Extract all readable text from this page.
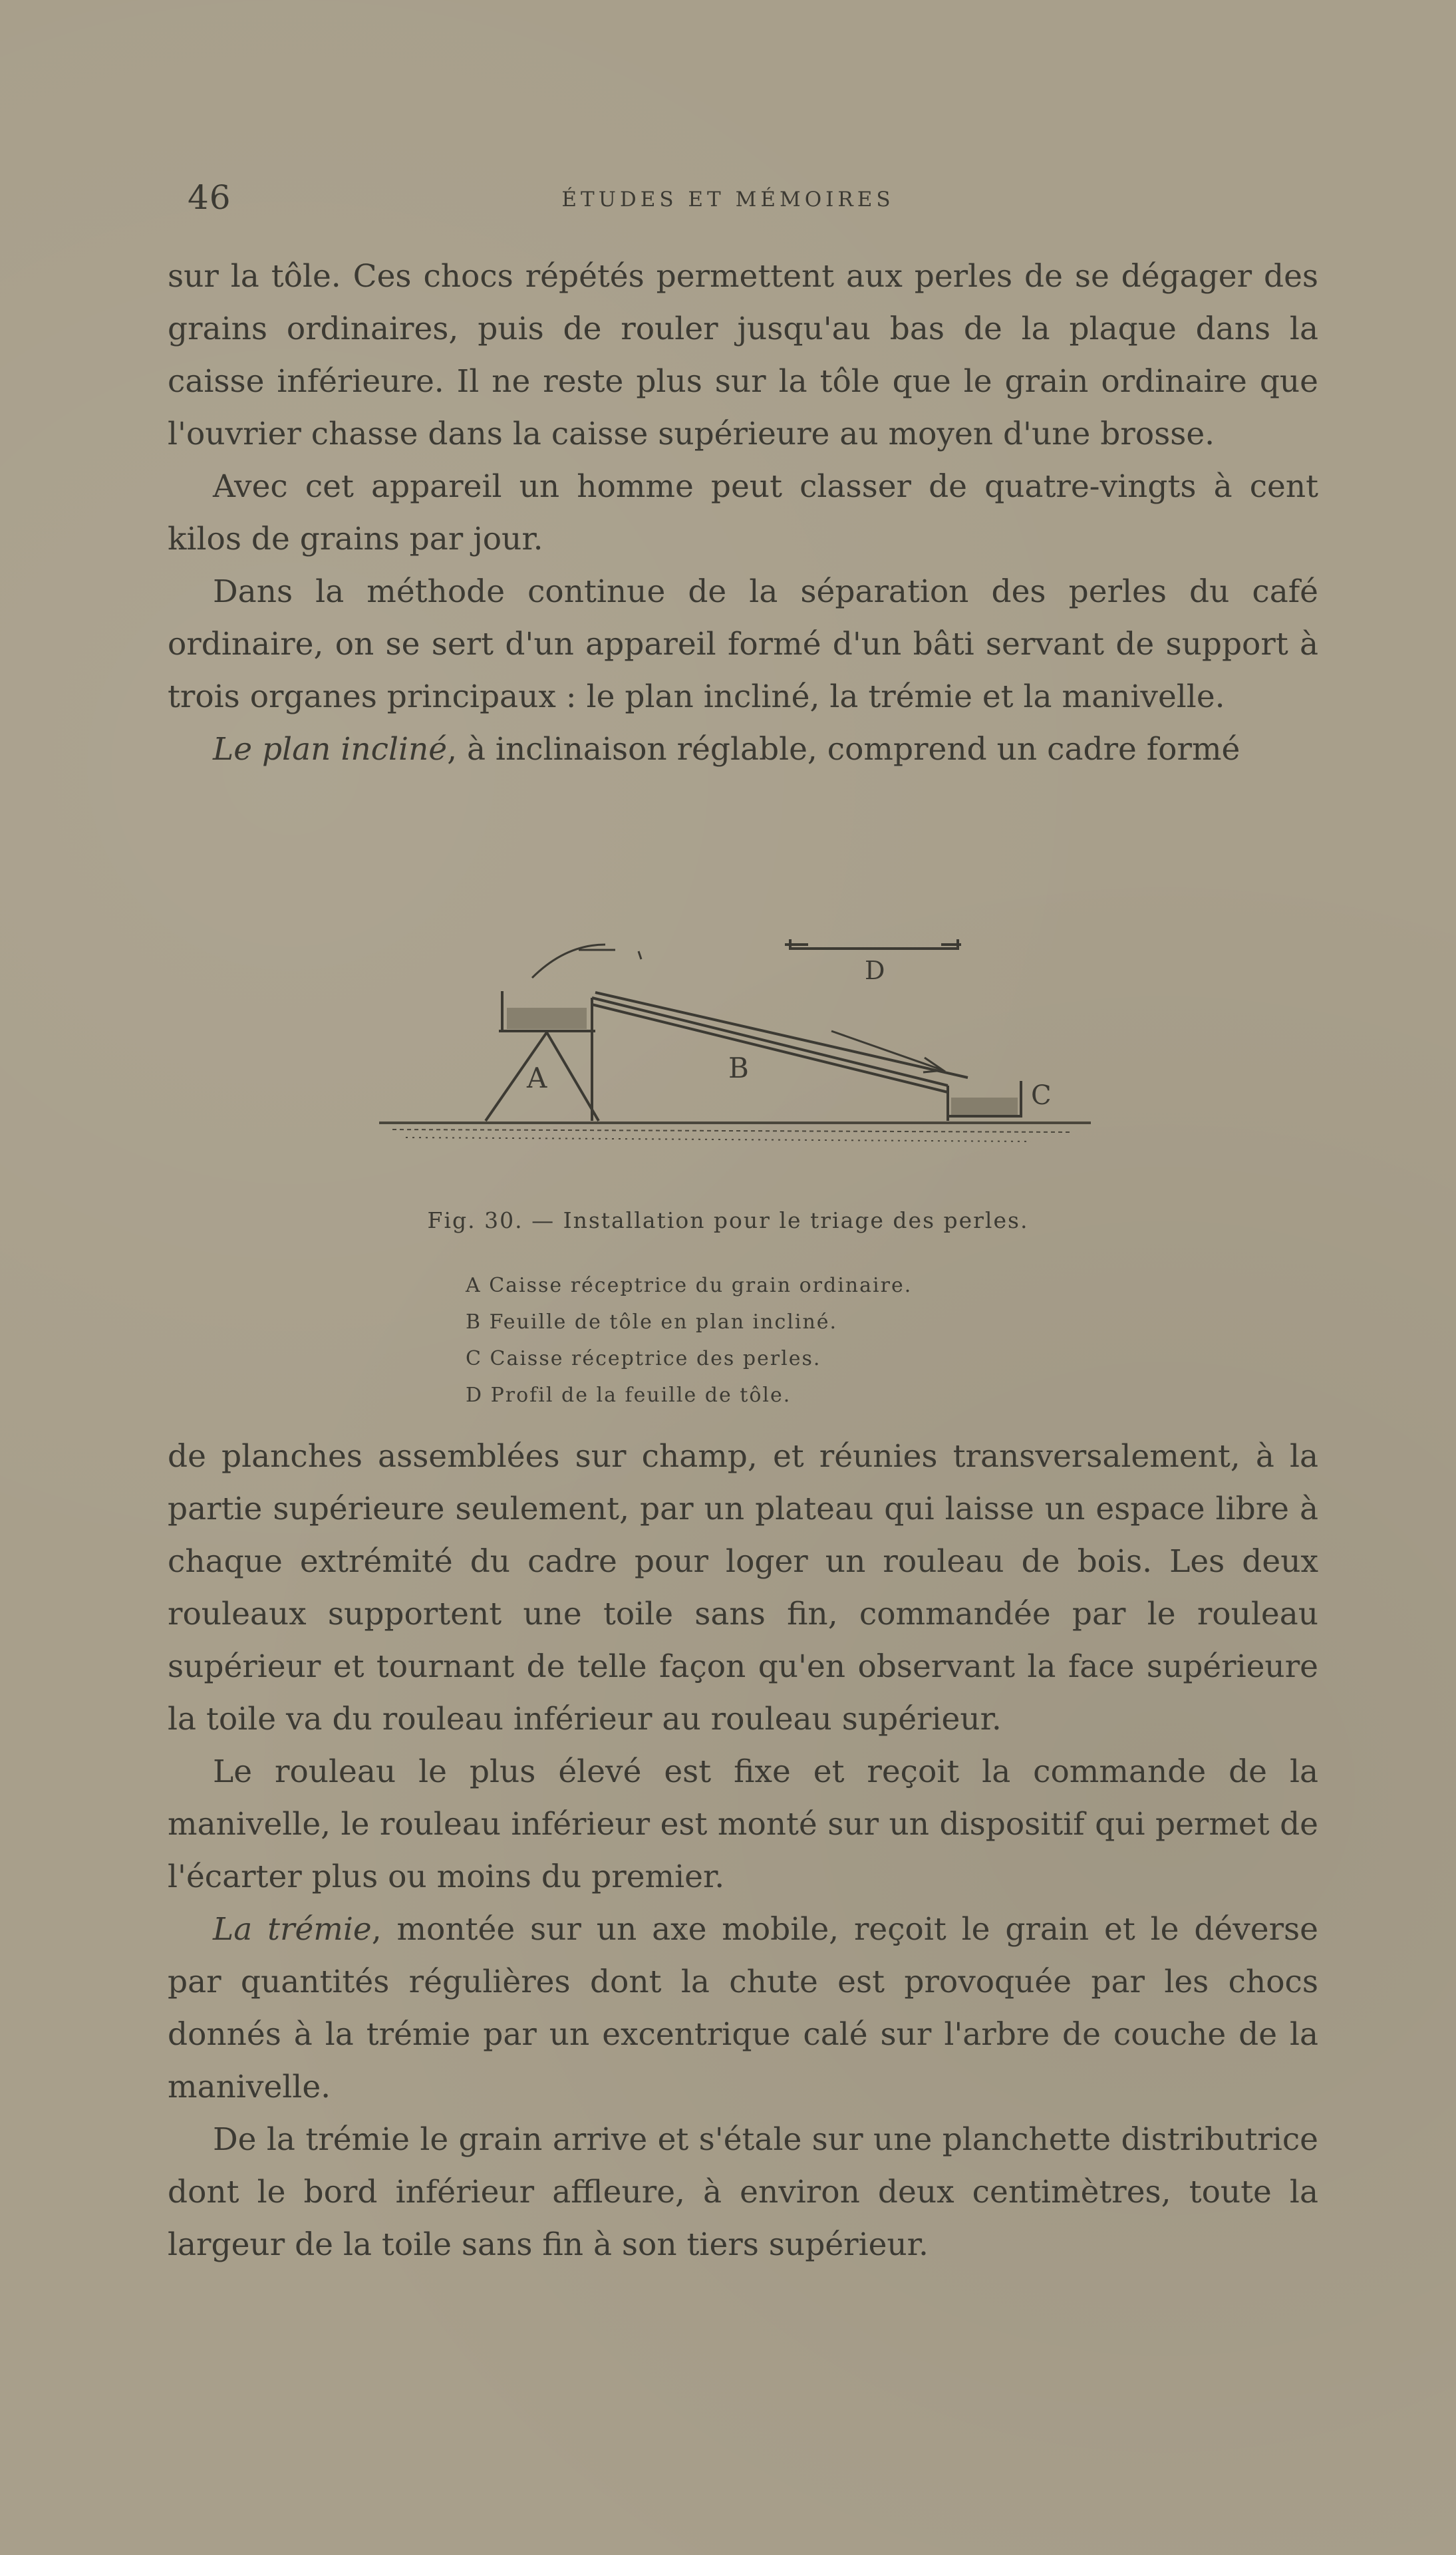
46	ÉTUDES ET MÉMOIRES

sur la tôle. Ces chocs répétés permettent aux perles de se dégager des grains ordinaires, puis de rouler jusqu'au bas de la plaque dans la caisse inférieure. Il ne reste plus sur la tôle que le grain ordinaire que l'ouvrier chasse dans la caisse supérieure au moyen d'une brosse.

Avec cet appareil un homme peut classer de quatre-vingts à cent kilos de grains par jour.

Dans la méthode continue de la séparation des perles du café ordinaire, on se sert d'un appareil formé d'un bâti servant de support à trois organes principaux : le plan incliné, la trémie et la manivelle.

Le plan incliné, à inclinaison réglable, comprend un cadre formé

A	B
C
D
Fig. 30. — Installation pour le triage des perles.
A Caisse réceptrice du grain ordinaire.
B Feuille de tôle en plan incliné.
C Caisse réceptrice des perles.
D Profil de la feuille de tôle.

de planches assemblées sur champ, et réunies transversalement, à la partie supérieure seulement, par un plateau qui laisse un espace libre à chaque extrémité du cadre pour loger un rouleau de bois. Les deux rouleaux supportent une toile sans fin, commandée par le rouleau supérieur et tournant de telle façon qu'en observant la face supérieure la toile va du rouleau inférieur au rouleau supérieur.

Le rouleau le plus élevé est fixe et reçoit la commande de la manivelle, le rouleau inférieur est monté sur un dispositif qui permet de l'écarter plus ou moins du premier.

La trémie, montée sur un axe mobile, reçoit le grain et le déverse par quantités régulières dont la chute est provoquée par les chocs donnés à la trémie par un excentrique calé sur l'arbre de couche de la manivelle.

De la trémie le grain arrive et s'étale sur une planchette distributrice dont le bord inférieur affleure, à environ deux centimètres, toute la largeur de la toile sans fin à son tiers supérieur.
